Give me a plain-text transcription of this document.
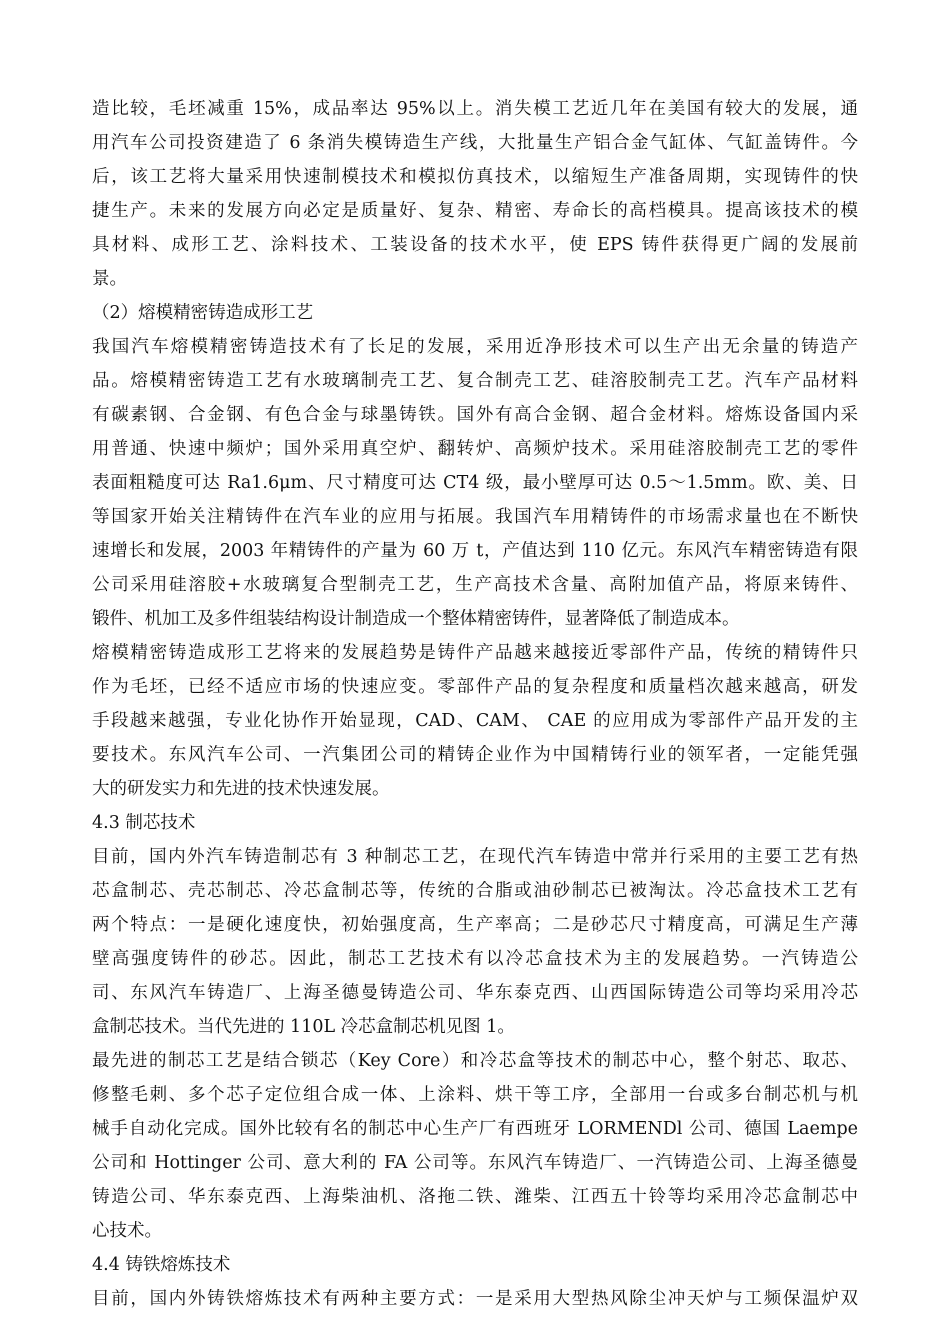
造比较，毛坯减重 15%，成品率达 95%以上。消失模工艺近几年在美国有较大的发展，通
用汽车公司投资建造了 6 条消失模铸造生产线，大批量生产铝合金气缸体、气缸盖铸件。今
后，该工艺将大量采用快速制模技术和模拟仿真技术，以缩短生产准备周期，实现铸件的快
捷生产。未来的发展方向必定是质量好、复杂、精密、寿命长的高档模具。提高该技术的模
具材料、成形工艺、涂料技术、工装设备的技术水平，使 EPS 铸件获得更广阔的发展前
景。
（2）熔模精密铸造成形工艺
我国汽车熔模精密铸造技术有了长足的发展，采用近净形技术可以生产出无余量的铸造产
品。熔模精密铸造工艺有水玻璃制壳工艺、复合制壳工艺、硅溶胶制壳工艺。汽车产品材料
有碳素钢、合金钢、有色合金与球墨铸铁。国外有高合金钢、超合金材料。熔炼设备国内采
用普通、快速中频炉；国外采用真空炉、翻转炉、高频炉技术。采用硅溶胶制壳工艺的零件
表面粗糙度可达 Ra1.6μm、尺寸精度可达 CT4 级，最小壁厚可达 0.5～1.5mm。欧、美、日
等国家开始关注精铸件在汽车业的应用与拓展。我国汽车用精铸件的市场需求量也在不断快
速增长和发展，2003 年精铸件的产量为 60 万 t，产值达到 110 亿元。东风汽车精密铸造有限
公司采用硅溶胶+水玻璃复合型制壳工艺，生产高技术含量、高附加值产品，将原来铸件、
锻件、机加工及多件组装结构设计制造成一个整体精密铸件，显著降低了制造成本。
熔模精密铸造成形工艺将来的发展趋势是铸件产品越来越接近零部件产品，传统的精铸件只
作为毛坯，已经不适应市场的快速应变。零部件产品的复杂程度和质量档次越来越高，研发
手段越来越强，专业化协作开始显现，CAD、CAM、 CAE 的应用成为零部件产品开发的主
要技术。东风汽车公司、一汽集团公司的精铸企业作为中国精铸行业的领军者，一定能凭强
大的研发实力和先进的技术快速发展。
4.3 制芯技术
目前，国内外汽车铸造制芯有 3 种制芯工艺，在现代汽车铸造中常并行采用的主要工艺有热
芯盒制芯、壳芯制芯、冷芯盒制芯等，传统的合脂或油砂制芯已被淘汰。冷芯盒技术工艺有
两个特点：一是硬化速度快，初始强度高，生产率高；二是砂芯尺寸精度高，可满足生产薄
壁高强度铸件的砂芯。因此，制芯工艺技术有以冷芯盒技术为主的发展趋势。一汽铸造公
司、东风汽车铸造厂、上海圣德曼铸造公司、华东泰克西、山西国际铸造公司等均采用冷芯
盒制芯技术。当代先进的 110L 冷芯盒制芯机见图 1。
最先进的制芯工艺是结合锁芯（Key Core）和冷芯盒等技术的制芯中心，整个射芯、取芯、
修整毛刺、多个芯子定位组合成一体、上涂料、烘干等工序，全部用一台或多台制芯机与机
械手自动化完成。国外比较有名的制芯中心生产厂有西班牙 LORMENDl 公司、德国 Laempe
公司和 Hottinger 公司、意大利的 FA 公司等。东风汽车铸造厂、一汽铸造公司、上海圣德曼
铸造公司、华东泰克西、上海柴油机、洛拖二铁、潍柴、江西五十铃等均采用冷芯盒制芯中
心技术。
4.4 铸铁熔炼技术
目前，国内外铸铁熔炼技术有两种主要方式：一是采用大型热风除尘冲天炉与工频保温炉双
